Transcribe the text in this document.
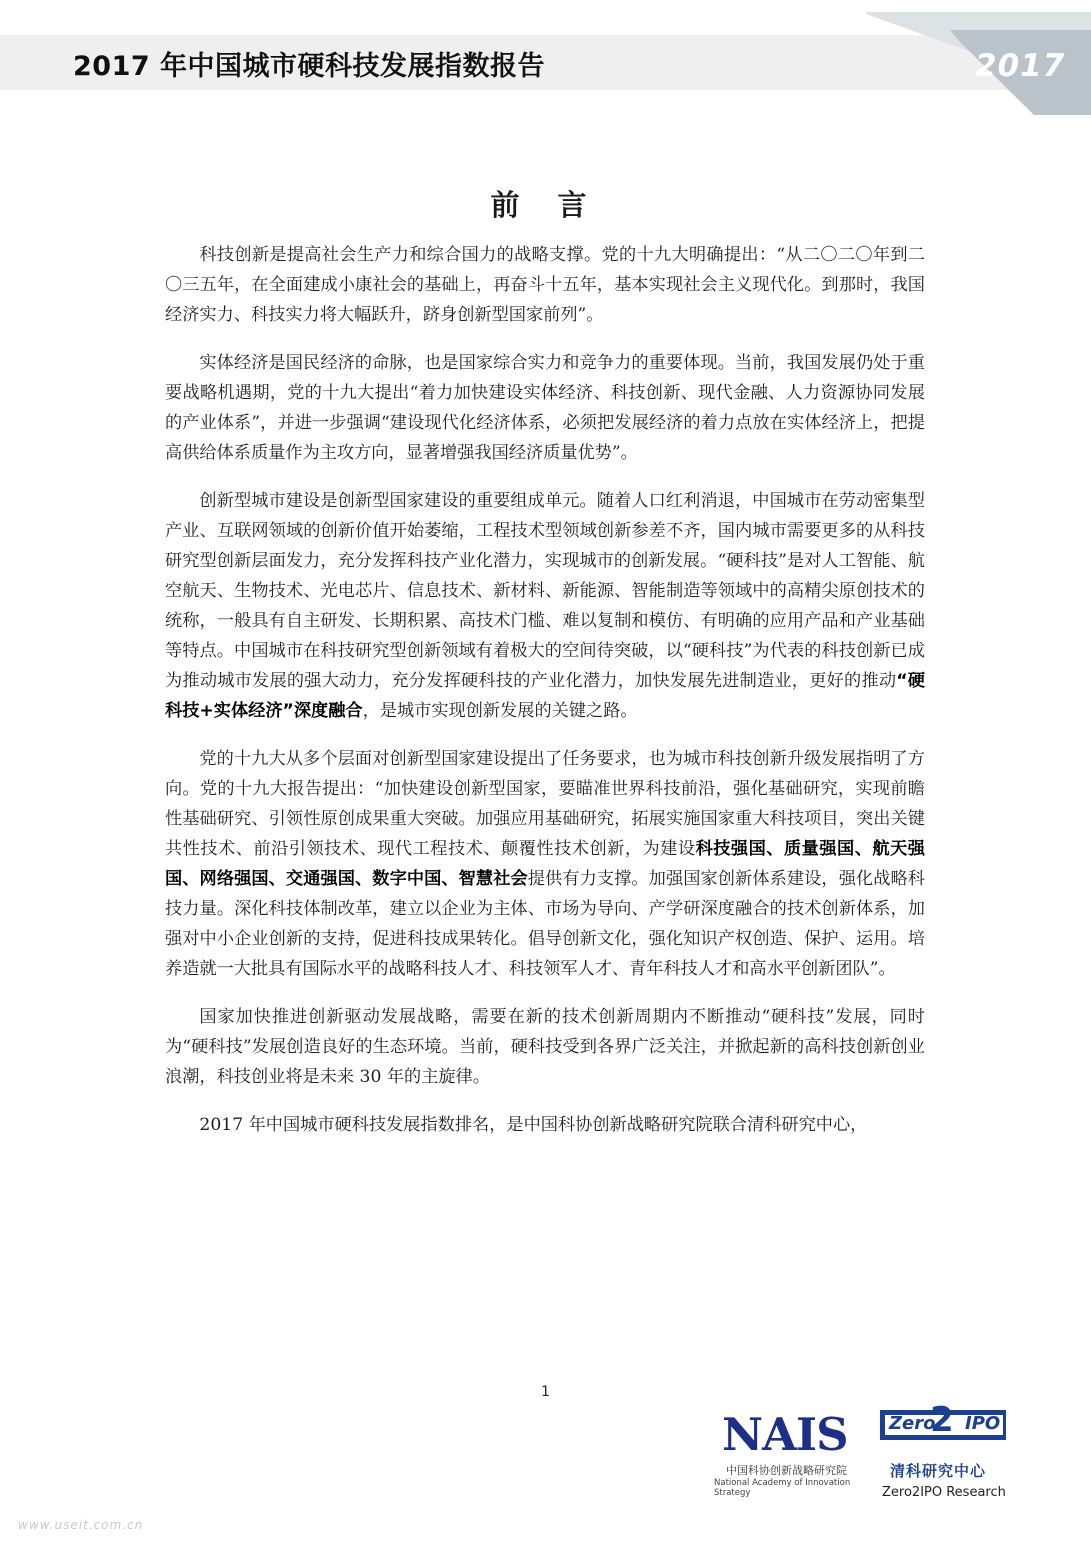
2017 年中国城市硬科技发展指数报告	2017
前 言

科技创新是提高社会生产力和综合国力的战略支撑。党的十九大明确提出：“从二〇二〇年到二〇三五年，在全面建成小康社会的基础上，再奋斗十五年，基本实现社会主义现代化。到那时，我国经济实力、科技实力将大幅跃升，跻身创新型国家前列”。

实体经济是国民经济的命脉，也是国家综合实力和竞争力的重要体现。当前，我国发展仍处于重要战略机遇期，党的十九大提出“着力加快建设实体经济、科技创新、现代金融、人力资源协同发展的产业体系”，并进一步强调“建设现代化经济体系，必须把发展经济的着力点放在实体经济上，把提高供给体系质量作为主攻方向，显著增强我国经济质量优势”。

创新型城市建设是创新型国家建设的重要组成单元。随着人口红利消退，中国城市在劳动密集型产业、互联网领域的创新价值开始萎缩，工程技术型领域创新参差不齐，国内城市需要更多的从科技研究型创新层面发力，充分发挥科技产业化潜力，实现城市的创新发展。“硬科技”是对人工智能、航空航天、生物技术、光电芯片、信息技术、新材料、新能源、智能制造等领域中的高精尖原创技术的统称，一般具有自主研发、长期积累、高技术门槛、难以复制和模仿、有明确的应用产品和产业基础等特点。中国城市在科技研究型创新领域有着极大的空间待突破，以“硬科技”为代表的科技创新已成为推动城市发展的强大动力，充分发挥硬科技的产业化潜力，加快发展先进制造业，更好的推动“硬科技+实体经济”深度融合，是城市实现创新发展的关键之路。

党的十九大从多个层面对创新型国家建设提出了任务要求，也为城市科技创新升级发展指明了方向。党的十九大报告提出：“加快建设创新型国家，要瞄准世界科技前沿，强化基础研究，实现前瞻性基础研究、引领性原创成果重大突破。加强应用基础研究，拓展实施国家重大科技项目，突出关键共性技术、前沿引领技术、现代工程技术、颠覆性技术创新，为建设科技强国、质量强国、航天强国、网络强国、交通强国、数字中国、智慧社会提供有力支撑。加强国家创新体系建设，强化战略科技力量。深化科技体制改革，建立以企业为主体、市场为导向、产学研深度融合的技术创新体系，加强对中小企业创新的支持，促进科技成果转化。倡导创新文化，强化知识产权创造、保护、运用。培养造就一大批具有国际水平的战略科技人才、科技领军人才、青年科技人才和高水平创新团队”。

国家加快推进创新驱动发展战略，需要在新的技术创新周期内不断推动“硬科技”发展，同时为“硬科技”发展创造良好的生态环境。当前，硬科技受到各界广泛关注，并掀起新的高科技创新创业浪潮，科技创业将是未来 30 年的主旋律。

2017 年中国城市硬科技发展指数排名，是中国科协创新战略研究院联合清科研究中心，

1
NAIS
中国科协创新战略研究院
National Academy of Innovation Strategy
Zero IPO
2
清科研究中心
Zero2IPO Research
www.useit.com.cn
